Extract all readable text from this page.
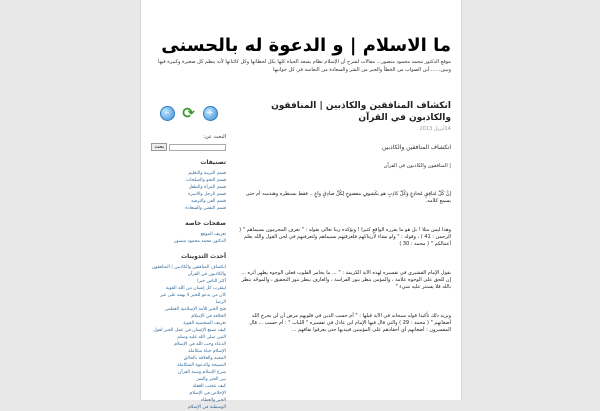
ما الاسلام | و الدعوة له بالحسنى
موقع الدكتور محمد محمود منصور... مقالات لشرح أن الإسلام نظام يسعد الحياة كلها بكل لحظاتها وكل كائناتها لأنه ينظم كل صغيرة وكبيرة فيها ويبين.......أين الصواب من الخطأ والخير من الشر والسعادة من التعاسة في كل جوانبها
– ⟳	+
البحث عن:
بحث
تصنيفات
قسم التربية والتعليم
قسم النحو والصلحات
قسم المرأة والطفل
قسم الرجل والاسرة
قسم الفن والترفيه
قسم النفس والسعادة
صفحات خاصة
تعريف الموقع
الدكتور محمد محمود منصور
أحدث التدوينات
انكشاف المنافقين والكاذبين | المنافقون والكاذبون في القرآن
أكثر الناس خيرا
ليتقرب كل إنسان من الله القوية
كان من يدعو للخير لا يهمه على غير الرضا
فتح الخير للأمة الإسلامية العظمى
الخلافة في الإسلام
تعريف الشخصية القوية
كيف نصنع الإنسان في عمل الخير لقول النبي صلى الله عليه وسلم
الدعاء وحب الله في الإسلام
الإسلام حياة متكاملة
المحبة والعلاقة بالخالق
النصيحة والدعوة المتكاملة
شرع الإسلام وسنة القرآن
بين الخير والشر
كيف نتجنب الغفلة
الإخلاص في الإسلام
الخير والعطاء
الوسطية في الإسلام
انكشاف المنافقين والكاذبين | المنافقون والكاذبون في القرآن
14أبريل 2013
انكشاف المنافقين والكاذبين
| المنافقون والكاذبون في القرآن
إنَّ كُلَّ مُنافِقٍ مُخادِعٍ وَكُلَّ كاذِبٍ هو بكَشوفٍ مفضوحٍ لِكُلِّ صادِقٍ واعٍ .. فقط بسنطره وهندسه أم حتى يسمع كلامه.
وهذا ليس مثلا ! بل هو ما يقرره الواقع كثيرا ! ويؤكده ربنا تعالى بقوله : " تعرف المجرمون بسيماهم " ( الرحمن : 41 ) ، وقوله : " ولو نشاء لأريناكهم فلعرفتهم بسيماهم ولتعرفنهم في لحن القول والله يعلم أعمالكم " ( محمد : 30 )
يقول الإمام القشيري في تفسيره لهذه الآية الكريمة : " ... ما يخامر القلوب فعلى الوجوه يظهر أثره ... إن للحق على الوجوه علامة ، والمؤمن ينظر بنور الفراسة ، والعارف ينظر بنور التحقيق ، والموحّد ينظر بالله فلا يستتر عليه شيء "
ويزيد ذلك تأكيدا قوله سبحانه في الآية قبلها : " أم حسب الذين في قلوبهم مرض أن لن يخرج الله أضغانهم " ( محمد : 29 ) والتي قال فيها الإمام ابن عادل في تفسيره " اللباب " : أم حسب ... قال المفسرون : أضغانهم أي أحقادهم على المؤمنين فيبديها حتى يعرفوا نفاقهم ...
